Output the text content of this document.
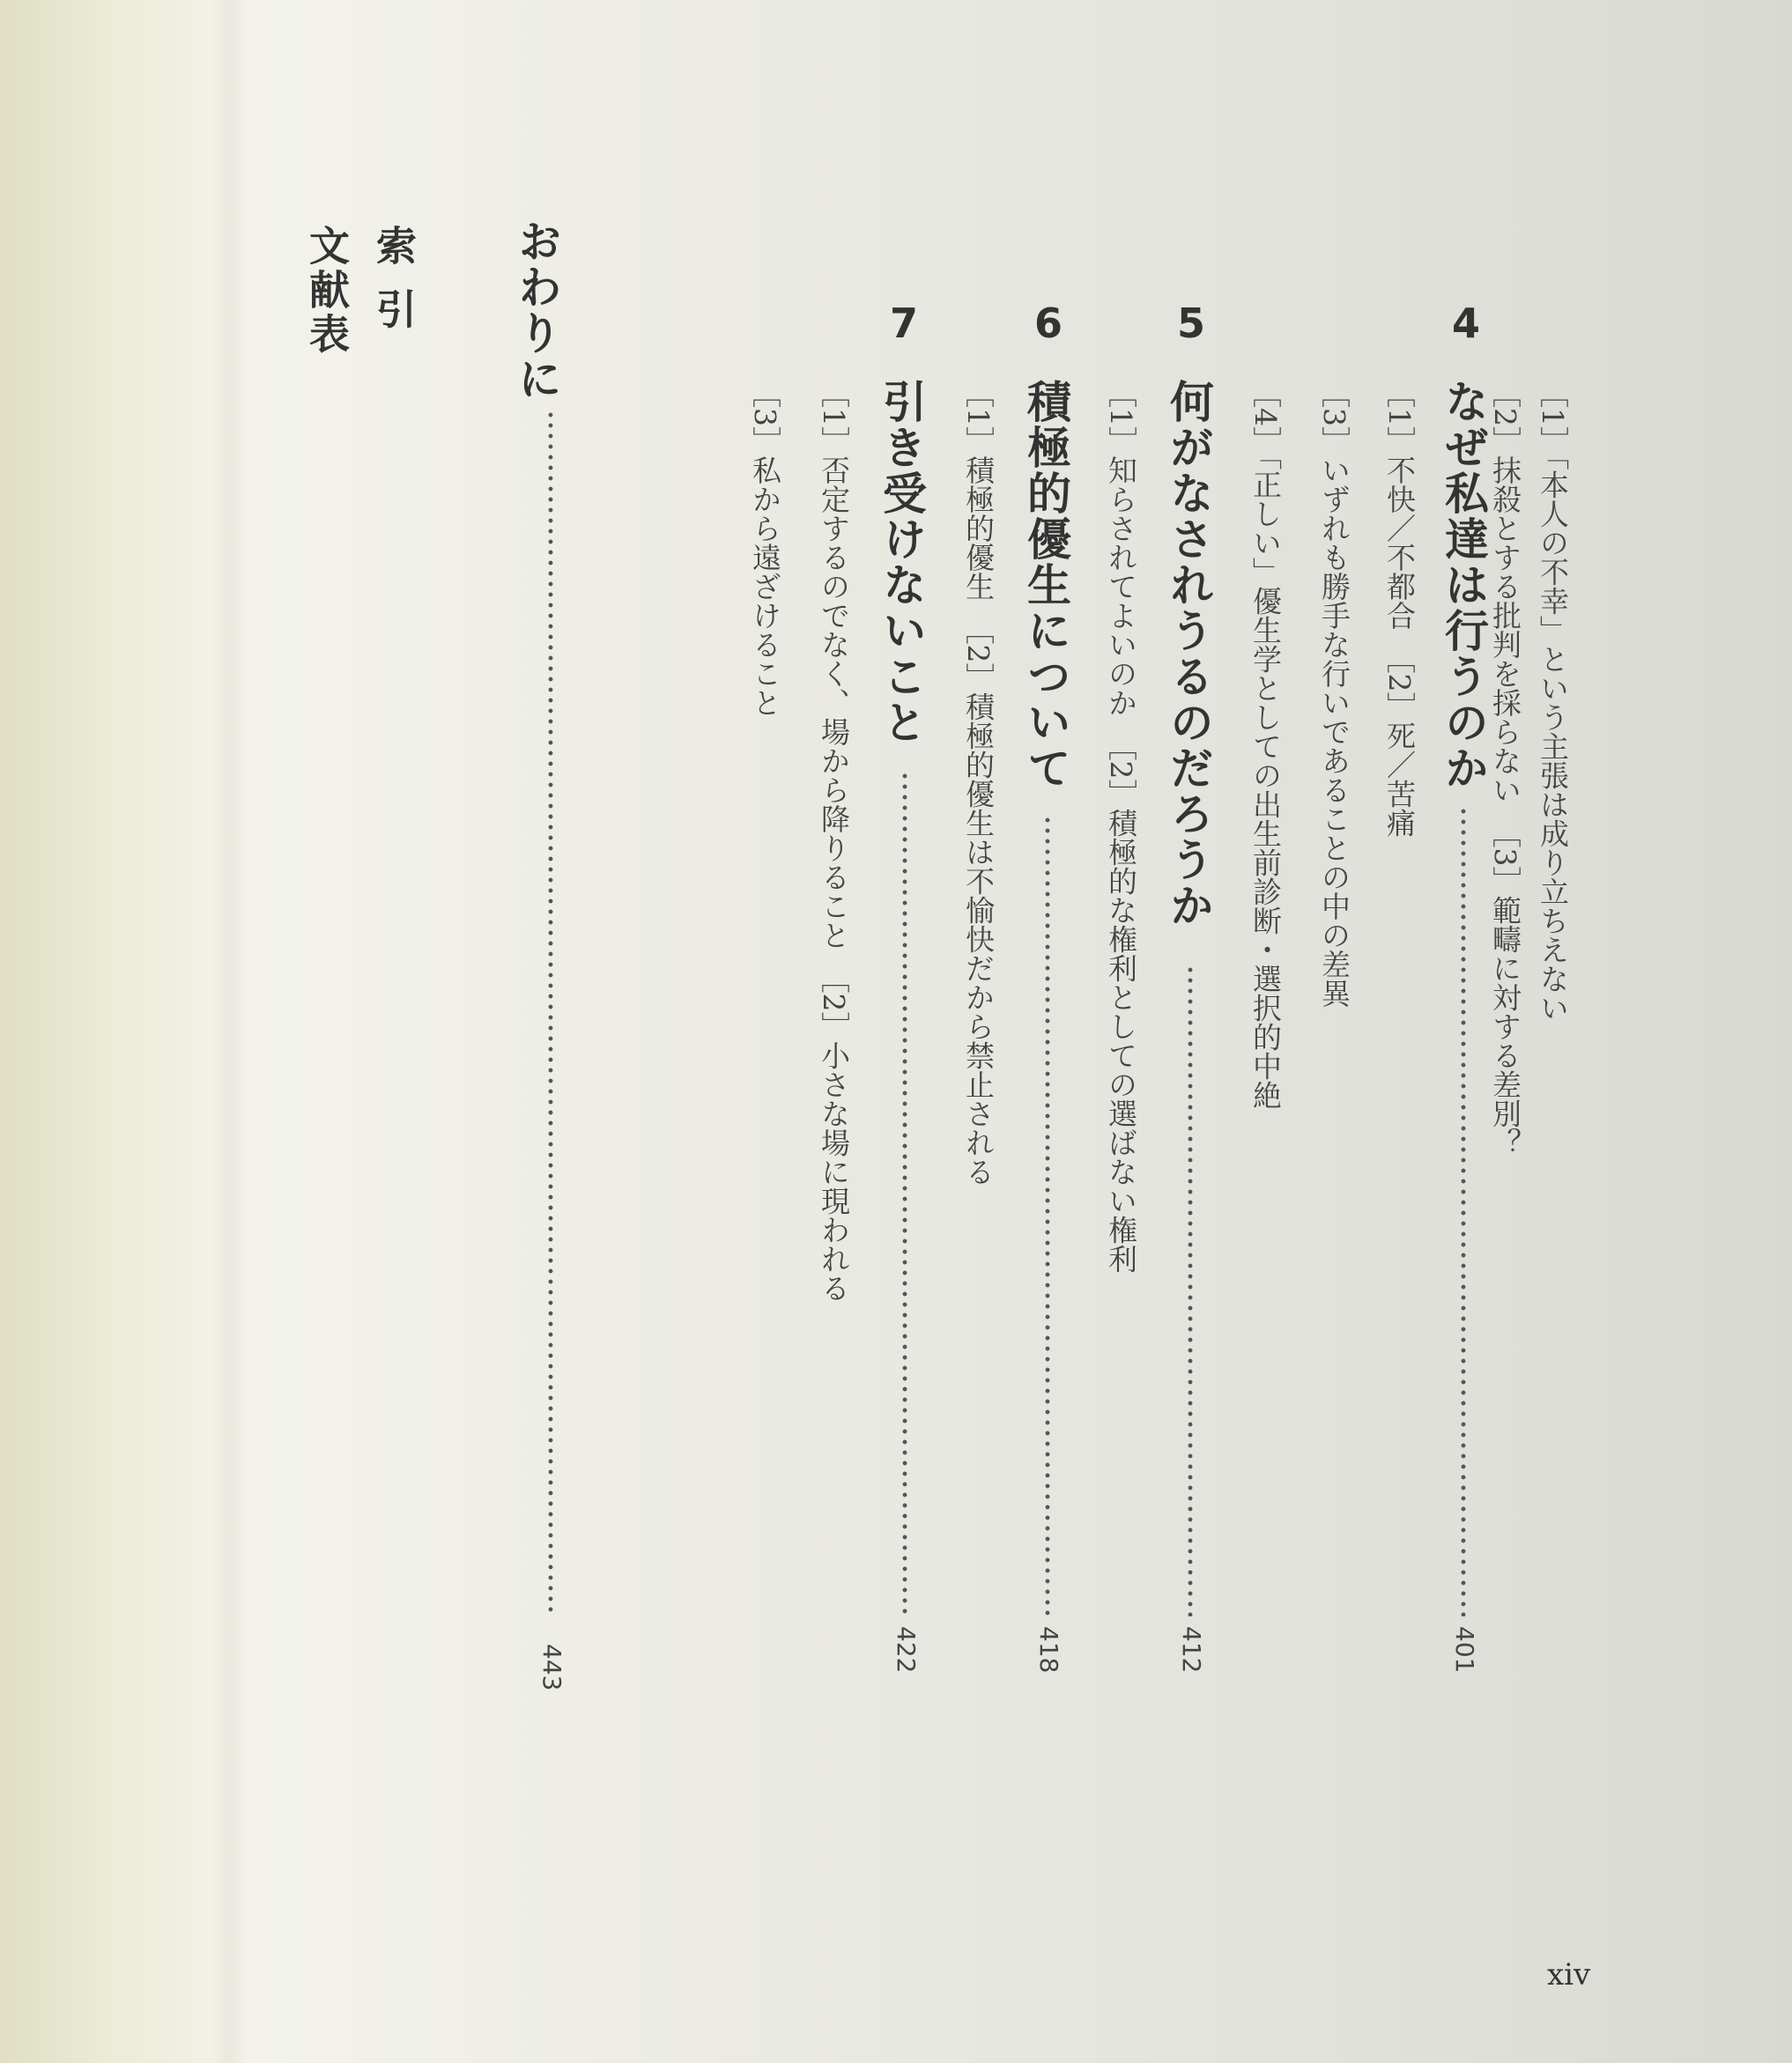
［1］「本人の不幸」という主張は成り立ちえない
［2］抹殺とする批判を採らない　［3］範疇に対する差別？
4
なぜ私達は行うのか
401
［1］不快／不都合　［2］死／苦痛
［3］いずれも勝手な行いであることの中の差異
［4］「正しい」優生学としての出生前診断・選択的中絶
5
何がなされうるのだろうか
412
［1］知らされてよいのか　［2］積極的な権利としての選ばない権利
6
積極的優生について
418
［1］積極的優生　［2］積極的優生は不愉快だから禁止される
7
引き受けないこと
422
［1］否定するのでなく、場から降りること　［2］小さな場に現われる
［3］私から遠ざけること
おわりに
443
索引
文献表
xiv
